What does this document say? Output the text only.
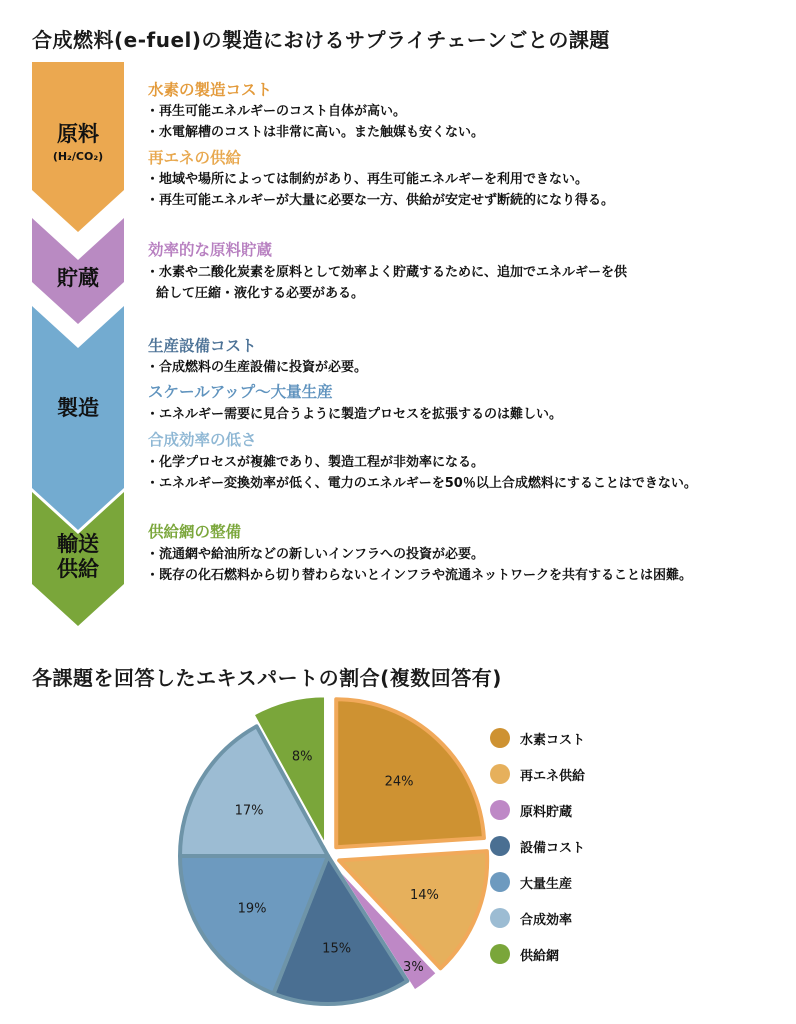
合成燃料(e-fuel)の製造におけるサプライチェーンごとの課題
原料
(H₂/CO₂)
貯蔵
製造
輸送
供給
水素の製造コスト
・再生可能エネルギーのコスト自体が高い。
・水電解槽のコストは非常に高い。また触媒も安くない。
再エネの供給
・地域や場所によっては制約があり、再生可能エネルギーを利用できない。
・再生可能エネルギーが大量に必要な一方、供給が安定せず断続的になり得る。
効率的な原料貯蔵
・水素や二酸化炭素を原料として効率よく貯蔵するために、追加でエネルギーを供
給して圧縮・液化する必要がある。
生産設備コスト
・合成燃料の生産設備に投資が必要。
スケールアップ～大量生産
・エネルギー需要に見合うように製造プロセスを拡張するのは難しい。
合成効率の低さ
・化学プロセスが複雑であり、製造工程が非効率になる。
・エネルギー変換効率が低く、電力のエネルギーを50％以上合成燃料にすることはできない。
供給網の整備
・流通網や給油所などの新しいインフラへの投資が必要。
・既存の化石燃料から切り替わらないとインフラや流通ネットワークを共有することは困難。
各課題を回答したエキスパートの割合(複数回答有)
24%
14%
3%
15%
19%
17%
8%
水素コスト
再エネ供給
原料貯蔵
設備コスト
大量生産
合成効率
供給網
